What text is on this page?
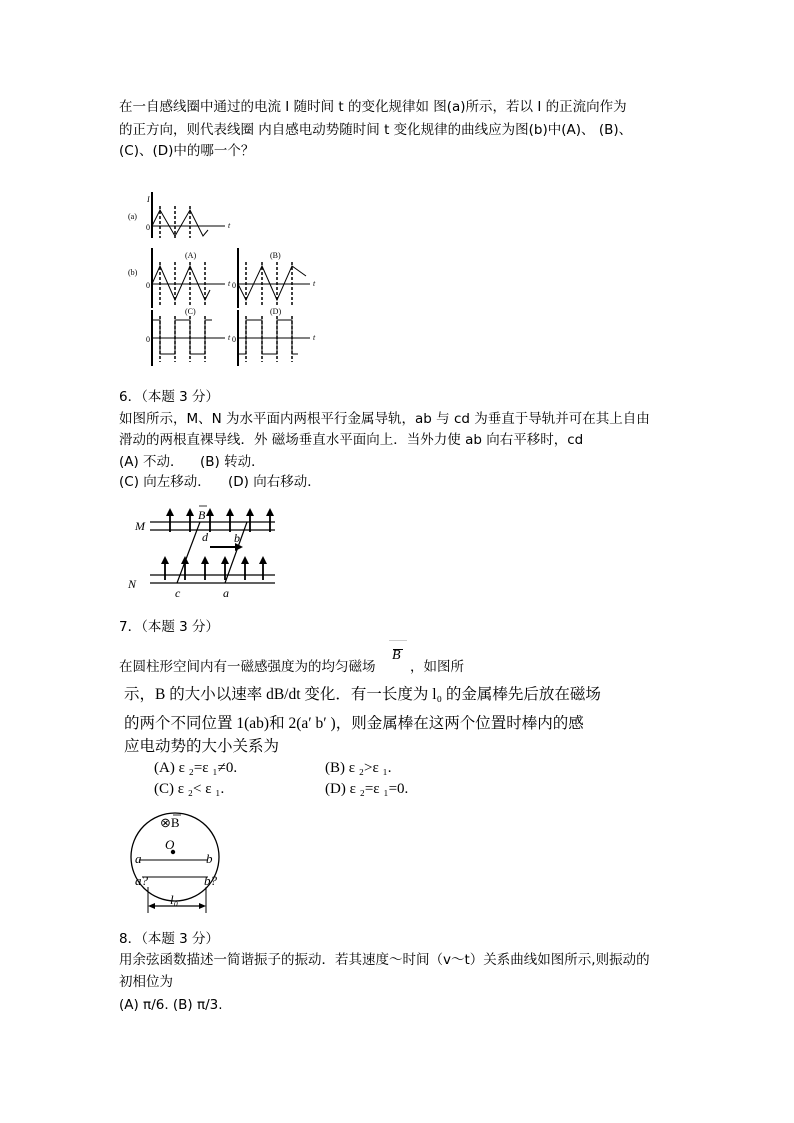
在一自感线圈中通过的电流 I 随时间 t 的变化规律如 图(a)所示，若以 I 的正流向作为
的正方向，则代表线圈 内自感电动势随时间 t 变化规律的曲线应为图(b)中(A)、 (B)、
(C)、(D)中的哪一个？
(a)
(b)
I
t
0
0	0
0	0
t	t
t	t
(A)	(B)
(C)	(D)
6．（本题 3 分）
如图所示，M、N 为水平面内两根平行金属导轨，ab 与 cd 为垂直于导轨并可在其上自由
滑动的两根直裸导线．外 磁场垂直水平面向上．当外力使 ab 向右平移时，cd
(A) 不动． (B) 转动．
(C) 向左移动． (D) 向右移动．
M
N
B
d b
c	a
7．（本题 3 分）
在圆柱形空间内有一磁感强度为的均匀磁场
B
，如图所
示，B 的大小以速率 dB/dt 变化．有一长度为 l₀ 的金属棒先后放在磁场
的两个不同位置 1(ab)和 2(a′ b′ )，则金属棒在这两个位置时棒内的感
应电动势的大小关系为
(A) ε ₂=ε ₁≠0.	(B) ε ₂>ε ₁.
(C) ε ₂< ε ₁.	(D) ε ₂=ε ₁=0.
⊗B
O
a	b
a?	b?
l₀
8．（本题 3 分）
用余弦函数描述一简谐振子的振动．若其速度～时间（v～t）关系曲线如图所示,则振动的
初相位为
(A) π/6. (B) π/3.
